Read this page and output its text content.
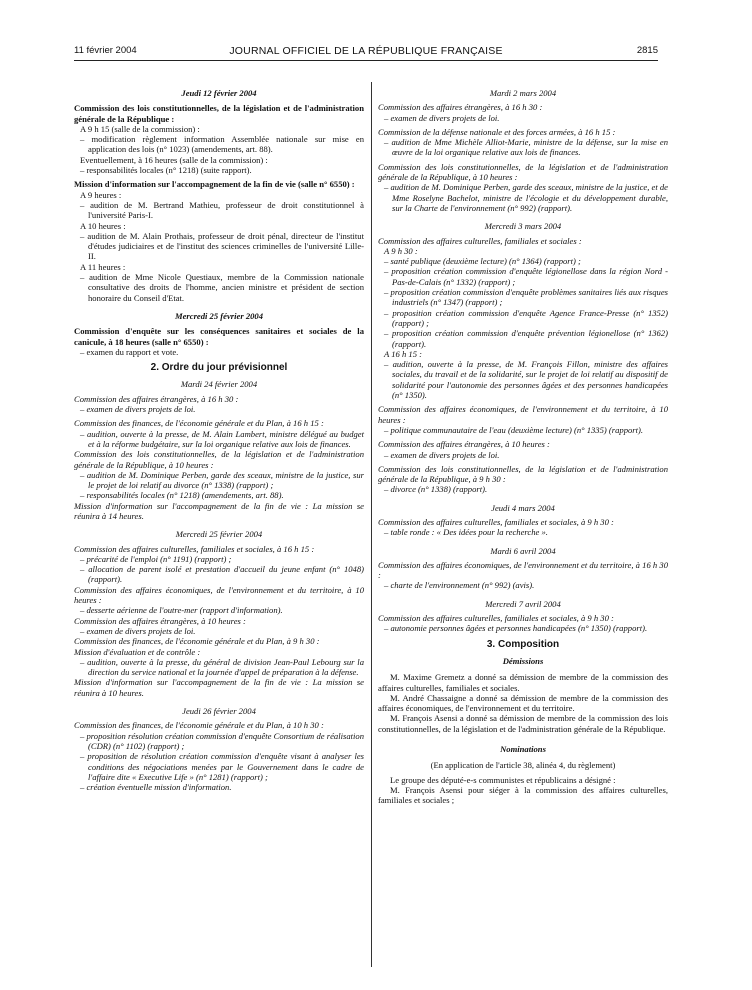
11 février 2004	JOURNAL OFFICIEL DE LA RÉPUBLIQUE FRANÇAISE	2815

Jeudi 12 février 2004

Commission des lois constitutionnelles, de la législation et de l'administration générale de la République :

A 9 h 15 (salle de la commission) :

– modification règlement information Assemblée nationale sur mise en application des lois (n° 1023) (amendements, art. 88).

Eventuellement, à 16 heures (salle de la commission) :

– responsabilités locales (n° 1218) (suite rapport).

Mission d'information sur l'accompagnement de la fin de vie (salle n° 6550) :

A 9 heures :

– audition de M. Bertrand Mathieu, professeur de droit constitutionnel à l'université Paris-I.

A 10 heures :

– audition de M. Alain Prothais, professeur de droit pénal, directeur de l'institut d'études judiciaires et de l'institut des sciences criminelles de l'université Lille-II.

A 11 heures :

– audition de Mme Nicole Questiaux, membre de la Commission nationale consultative des droits de l'homme, ancien ministre et président de section honoraire du Conseil d'Etat.

Mercredi 25 février 2004

Commission d'enquête sur les conséquences sanitaires et sociales de la canicule, à 18 heures (salle n° 6550) :

– examen du rapport et vote.

2. Ordre du jour prévisionnel

Mardi 24 février 2004

Commission des affaires étrangères, à 16 h 30 :

– examen de divers projets de loi.

Commission des finances, de l'économie générale et du Plan, à 16 h 15 :

– audition, ouverte à la presse, de M. Alain Lambert, ministre délégué au budget et à la réforme budgétaire, sur la loi organique relative aux lois de finances.

Commission des lois constitutionnelles, de la législation et de l'administration générale de la République, à 10 heures :

– audition de M. Dominique Perben, garde des sceaux, ministre de la justice, sur le projet de loi relatif au divorce (n° 1338) (rapport) ;

– responsabilités locales (n° 1218) (amendements, art. 88).

Mission d'information sur l'accompagnement de la fin de vie : La mission se réunira à 14 heures.

Mercredi 25 février 2004

Commission des affaires culturelles, familiales et sociales, à 16 h 15 :

– précarité de l'emploi (n° 1191) (rapport) ;

– allocation de parent isolé et prestation d'accueil du jeune enfant (n° 1048) (rapport).

Commission des affaires économiques, de l'environnement et du territoire, à 10 heures :

– desserte aérienne de l'outre-mer (rapport d'information).

Commission des affaires étrangères, à 10 heures :

– examen de divers projets de loi.

Commission des finances, de l'économie générale et du Plan, à 9 h 30 :

Mission d'évaluation et de contrôle :

– audition, ouverte à la presse, du général de division Jean-Paul Lebourg sur la direction du service national et la journée d'appel de préparation à la défense.

Mission d'information sur l'accompagnement de la fin de vie : La mission se réunira à 10 heures.

Jeudi 26 février 2004

Commission des finances, de l'économie générale et du Plan, à 10 h 30 :

– proposition résolution création commission d'enquête Consortium de réalisation (CDR) (n° 1102) (rapport) ;

– proposition de résolution création commission d'enquête visant à analyser les conditions des négociations menées par le Gouvernement dans le cadre de l'affaire dite « Executive Life » (n° 1281) (rapport) ;

– création éventuelle mission d'information.

Mardi 2 mars 2004

Commission des affaires étrangères, à 16 h 30 :

– examen de divers projets de loi.

Commission de la défense nationale et des forces armées, à 16 h 15 :

– audition de Mme Michèle Alliot-Marie, ministre de la défense, sur la mise en œuvre de la loi organique relative aux lois de finances.

Commission des lois constitutionnelles, de la législation et de l'administration générale de la République, à 10 heures :

– audition de M. Dominique Perben, garde des sceaux, ministre de la justice, et de Mme Roselyne Bachelot, ministre de l'écologie et du développement durable, sur la Charte de l'environnement (n° 992) (rapport).

Mercredi 3 mars 2004

Commission des affaires culturelles, familiales et sociales :

A 9 h 30 :

– santé publique (deuxième lecture) (n° 1364) (rapport) ;

– proposition création commission d'enquête légionellose dans la région Nord - Pas-de-Calais (n° 1332) (rapport) ;

– proposition création commission d'enquête problèmes sanitaires liés aux risques industriels (n° 1347) (rapport) ;

– proposition création commission d'enquête Agence France-Presse (n° 1352) (rapport) ;

– proposition création commission d'enquête prévention légionellose (n° 1362) (rapport).

A 16 h 15 :

– audition, ouverte à la presse, de M. François Fillon, ministre des affaires sociales, du travail et de la solidarité, sur le projet de loi relatif au dispositif de solidarité pour l'autonomie des personnes âgées et des personnes handicapées (n° 1350).

Commission des affaires économiques, de l'environnement et du territoire, à 10 heures :

– politique communautaire de l'eau (deuxième lecture) (n° 1335) (rapport).

Commission des affaires étrangères, à 10 heures :

– examen de divers projets de loi.

Commission des lois constitutionnelles, de la législation et de l'administration générale de la République, à 9 h 30 :

– divorce (n° 1338) (rapport).

Jeudi 4 mars 2004

Commission des affaires culturelles, familiales et sociales, à 9 h 30 :

– table ronde : « Des idées pour la recherche ».

Mardi 6 avril 2004

Commission des affaires économiques, de l'environnement et du territoire, à 16 h 30 :

– charte de l'environnement (n° 992) (avis).

Mercredi 7 avril 2004

Commission des affaires culturelles, familiales et sociales, à 9 h 30 :

– autonomie personnes âgées et personnes handicapées (n° 1350) (rapport).

3. Composition

Démissions

M. Maxime Gremetz a donné sa démission de membre de la commission des affaires culturelles, familiales et sociales.

M. André Chassaigne a donné sa démission de membre de la commission des affaires économiques, de l'environnement et du territoire.

M. François Asensi a donné sa démission de membre de la commission des lois constitutionnelles, de la législation et de l'administration générale de la République.

Nominations

(En application de l'article 38, alinéa 4, du règlement)

Le groupe des député-e-s communistes et républicains a désigné :

M. François Asensi pour siéger à la commission des affaires culturelles, familiales et sociales ;
